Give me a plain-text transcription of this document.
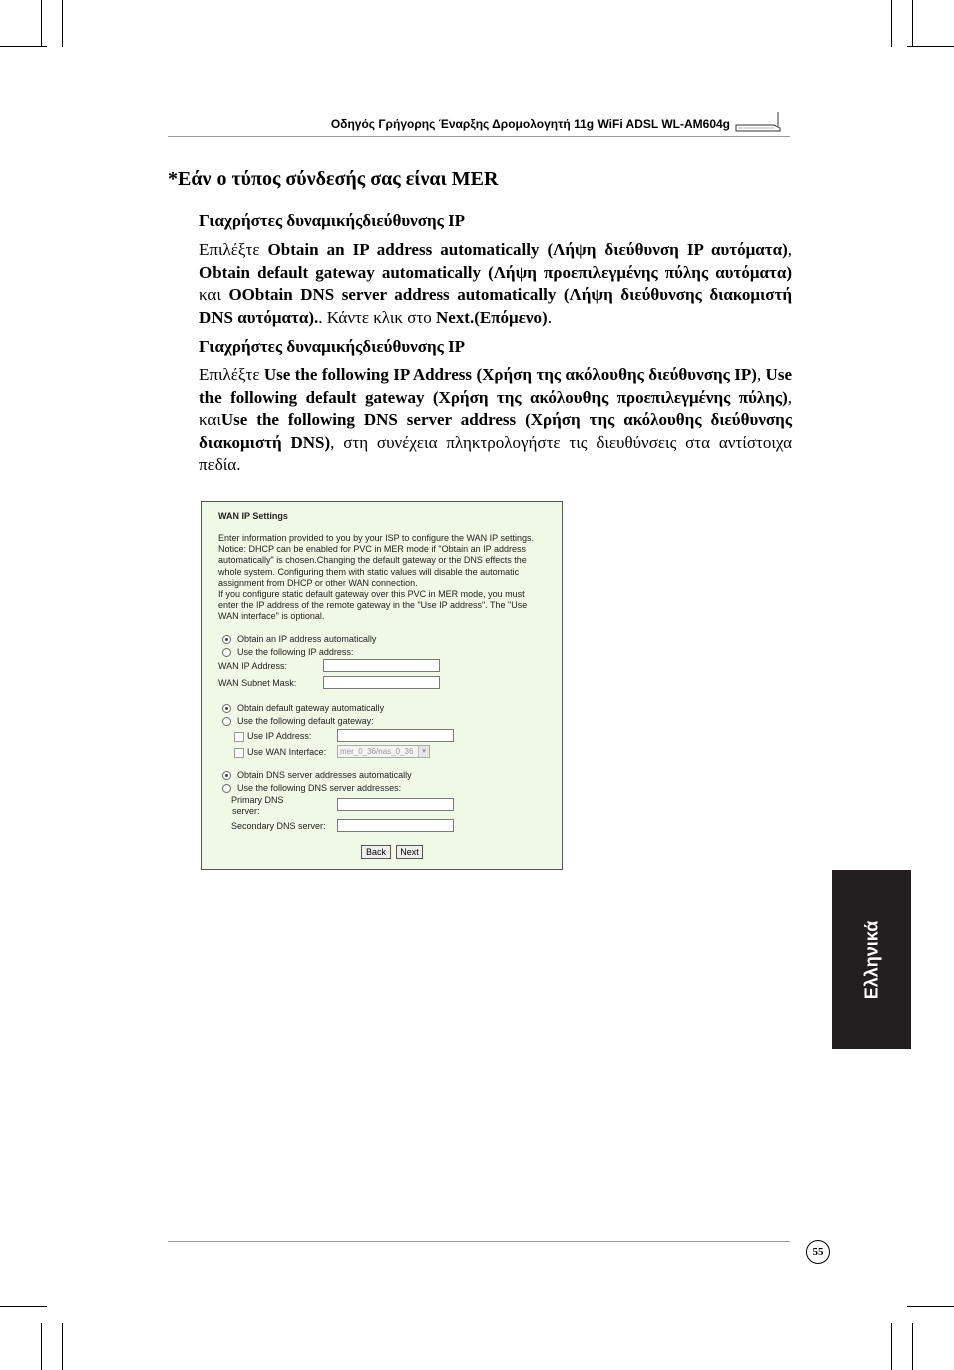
Οδηγός Γρήγορης Έναρξης Δρομολογητή 11g WiFi ADSL WL-AM604g
*Εάν ο τύπος σύνδεσής σας είναι MER
Γιαχρήστες δυναμικήςδιεύθυνσης IP
Επιλέξτε Obtain an IP address automatically (Λήψη διεύθυνση IP αυτόματα), Obtain default gateway automatically (Λήψη προεπιλεγμένης πύλης αυτόματα) και OObtain DNS server address automatically (Λήψη διεύθυνσης διακομιστή DNS αυτόματα).. Κάντε κλικ στο Next.(Επόμενο).
Γιαχρήστες δυναμικήςδιεύθυνσης IP
Επιλέξτε Use the following IP Address (Χρήση της ακόλουθης διεύθυνσης IP), Use the following default gateway (Χρήση της ακόλουθης προεπιλεγμένης πύλης), καιUse the following DNS server address (Χρήση της ακόλουθης διεύθυνσης διακομιστή DNS), στη συνέχεια πληκτρολογήστε τις διευθύνσεις στα αντίστοιχα πεδία.
WAN IP Settings
Enter information provided to you by your ISP to configure the WAN IP settings.
Notice: DHCP can be enabled for PVC in MER mode if "Obtain an IP address
automatically" is chosen.Changing the default gateway or the DNS effects the
whole system. Configuring them with static values will disable the automatic
assignment from DHCP or other WAN connection.
If you configure static default gateway over this PVC in MER mode, you must
enter the IP address of the remote gateway in the "Use IP address". The "Use
WAN interface" is optional.
Obtain an IP address automatically
Use the following IP address:
WAN IP Address:
WAN Subnet Mask:
Obtain default gateway automatically
Use the following default gateway:
Use IP Address:
Use WAN Interface:	mer_0_36/nas_0_36	▾
Obtain DNS server addresses automatically
Use the following DNS server addresses:
Primary DNS
server:
Secondary DNS server:
Back	Next
Ελληνικά
55
